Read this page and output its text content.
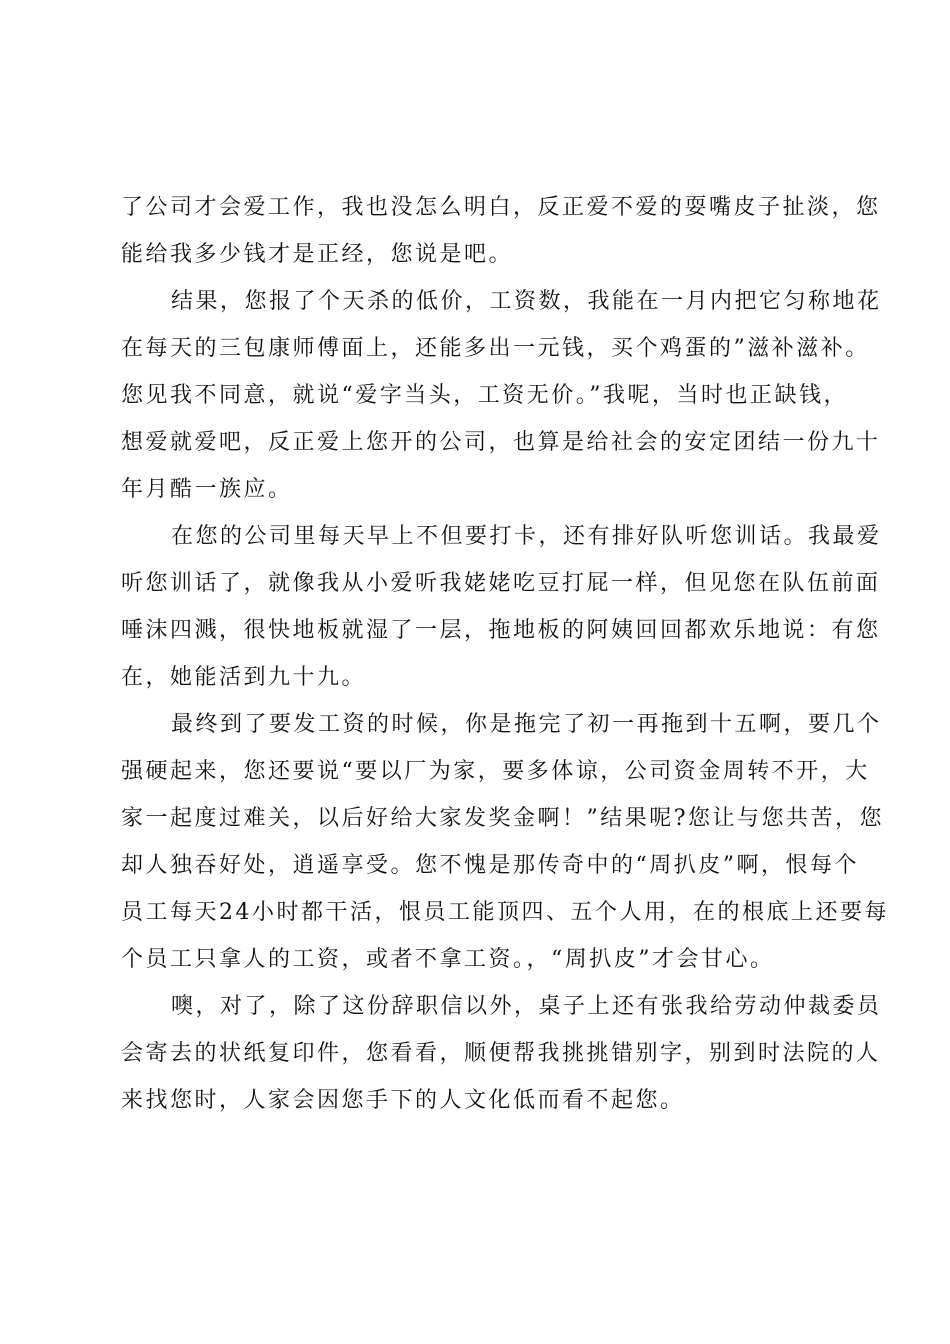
了公司才会爱工作，我也没怎么明白，反正爱不爱的耍嘴皮子扯淡，您
能给我多少钱才是正经，您说是吧。

结果，您报了个天杀的低价，工资数，我能在一月内把它匀称地花
在每天的三包康师傅面上，还能多出一元钱，买个鸡蛋的”滋补滋补。
您见我不同意，就说“爱字当头，工资无价。”我呢，当时也正缺钱，
想爱就爱吧，反正爱上您开的公司，也算是给社会的安定团结一份九十
年月酷一族应。

在您的公司里每天早上不但要打卡，还有排好队听您训话。我最爱
听您训话了，就像我从小爱听我姥姥吃豆打屁一样，但见您在队伍前面
唾沫四溅，很快地板就湿了一层，拖地板的阿姨回回都欢乐地说：有您
在，她能活到九十九。

最终到了要发工资的时候，你是拖完了初一再拖到十五啊，要几个
强硬起来，您还要说“要以厂为家，要多体谅，公司资金周转不开，大
家一起度过难关，以后好给大家发奖金啊！”结果呢?您让与您共苦，您
却人独吞好处，逍遥享受。您不愧是那传奇中的“周扒皮”啊，恨每个
员工每天24小时都干活，恨员工能顶四、五个人用，在的根底上还要每
个员工只拿人的工资，或者不拿工资。，“周扒皮”才会甘心。

噢，对了，除了这份辞职信以外，桌子上还有张我给劳动仲裁委员
会寄去的状纸复印件，您看看，顺便帮我挑挑错别字，别到时法院的人
来找您时，人家会因您手下的人文化低而看不起您。
